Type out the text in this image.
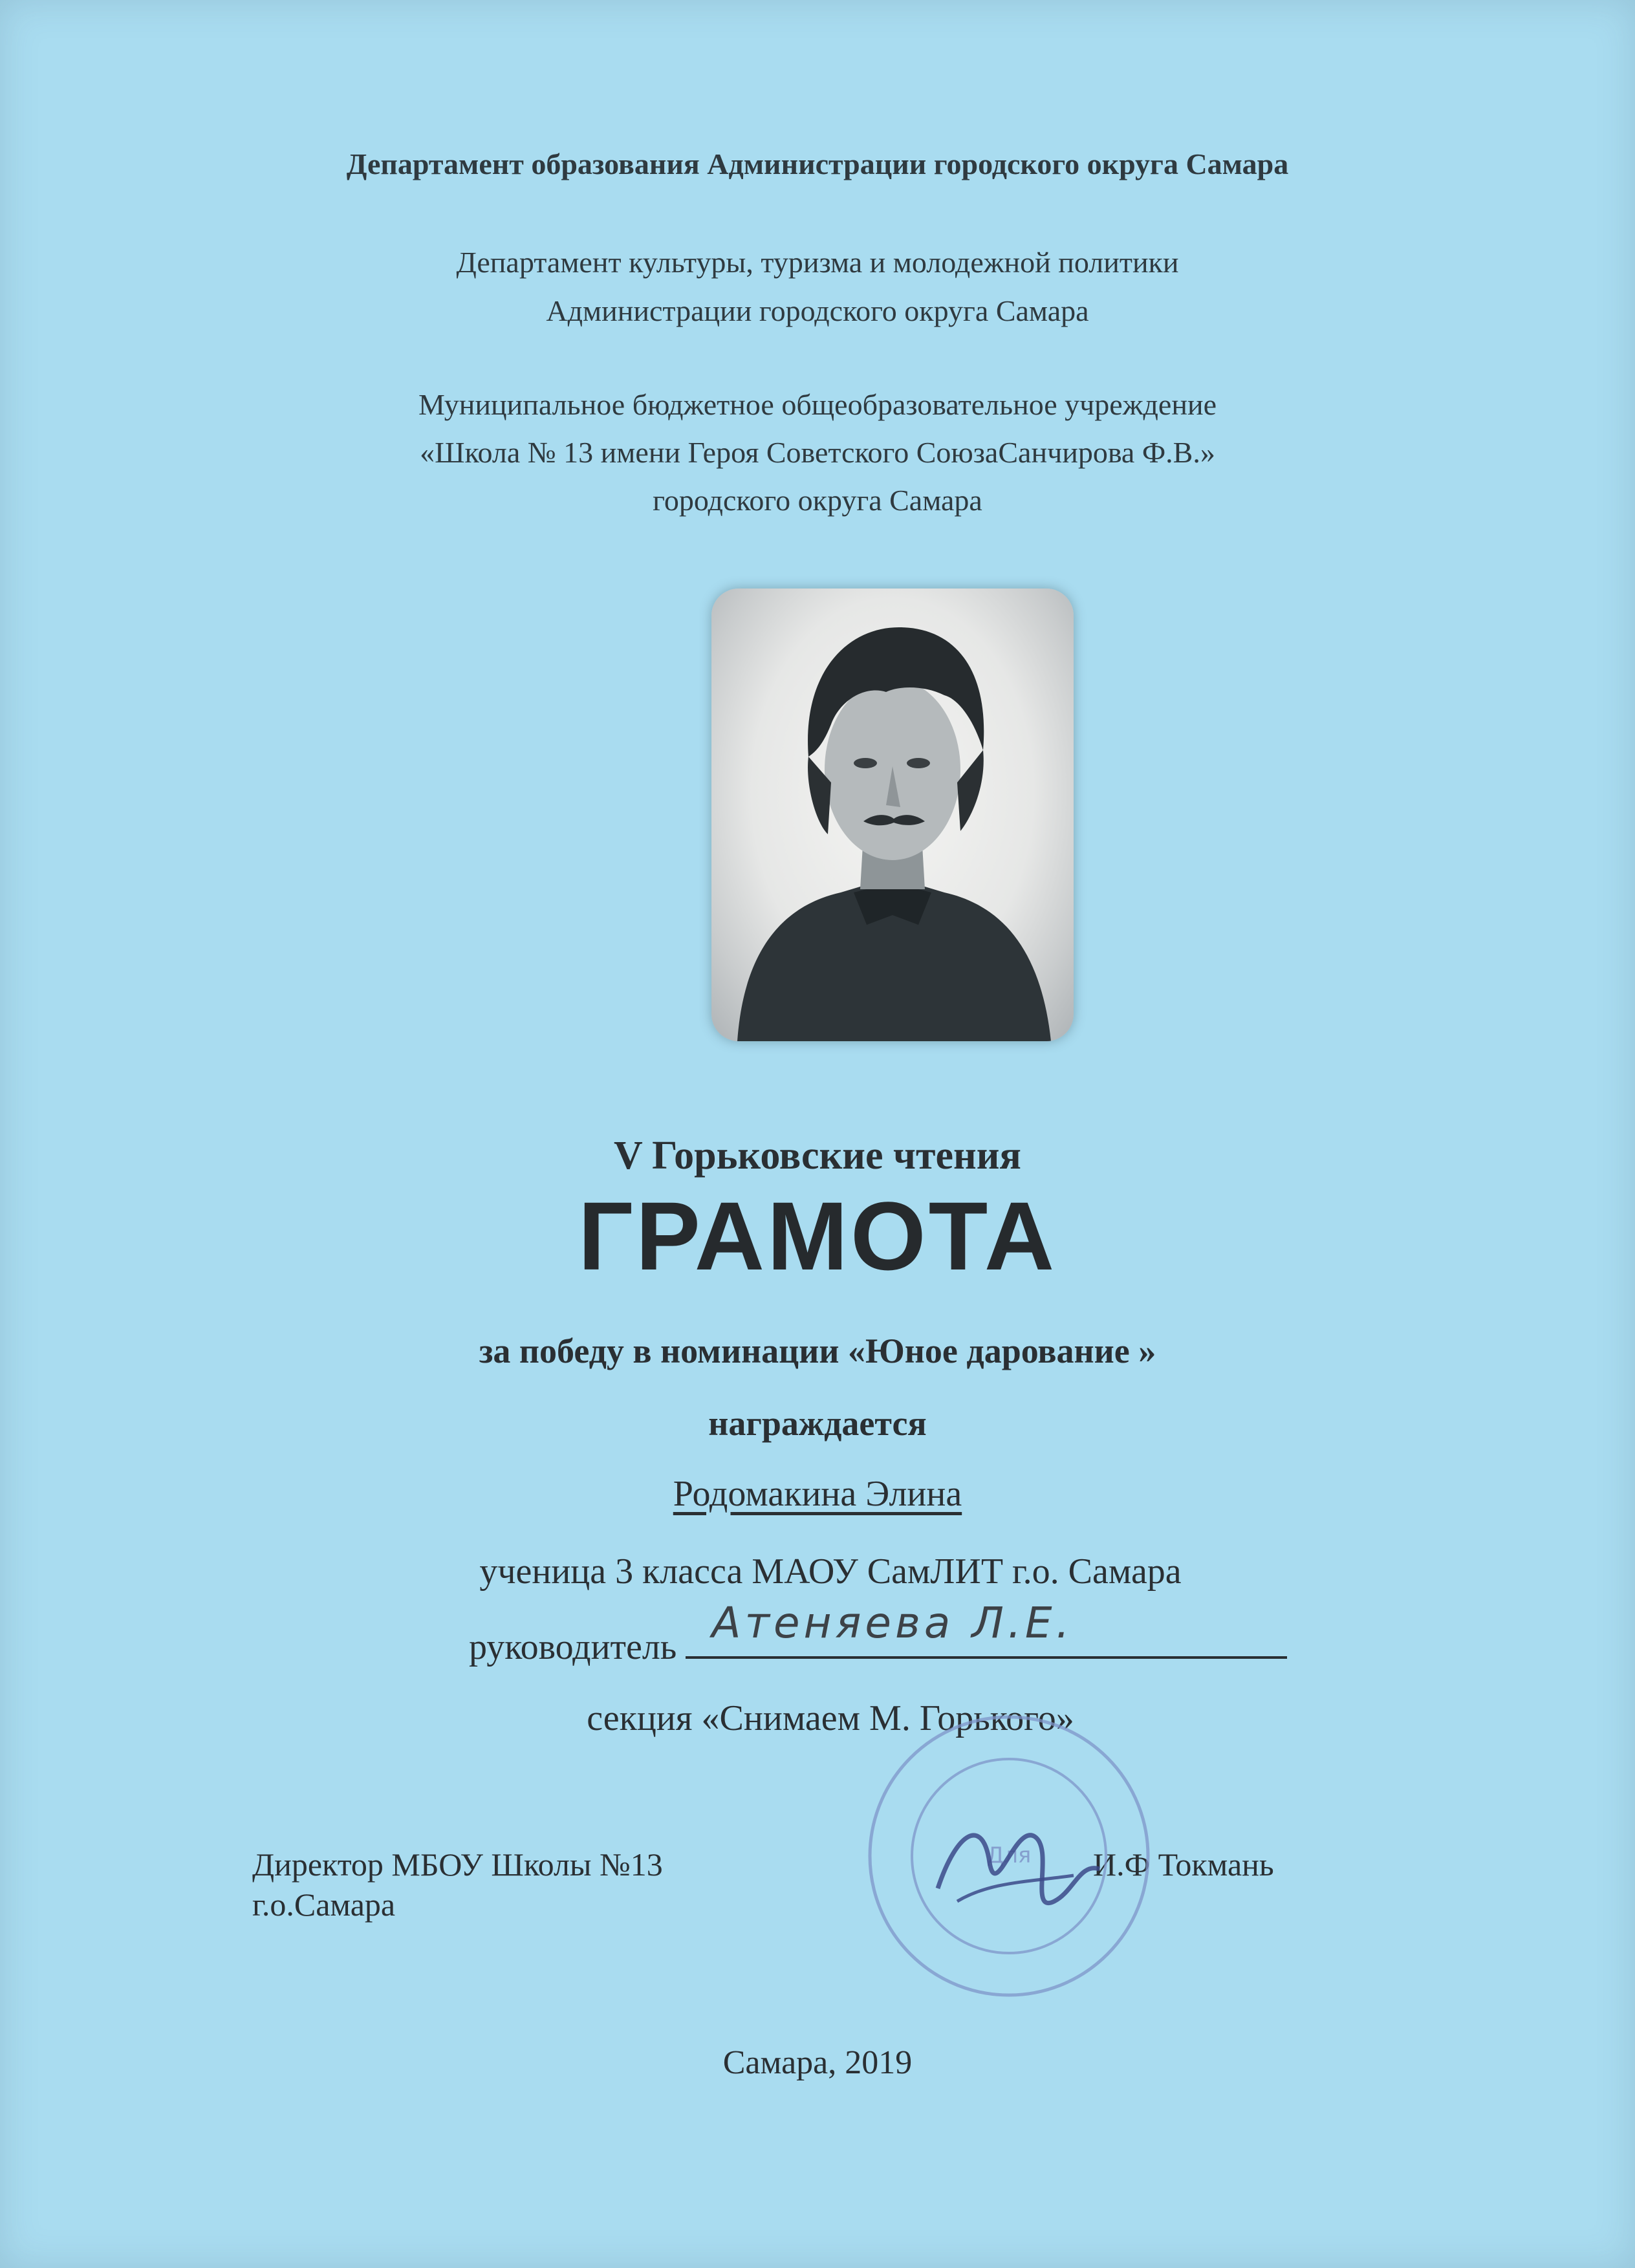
Департамент образования Администрации городского округа Самара
Департамент культуры, туризма и молодежной политики
Администрации городского округа Самара
Муниципальное бюджетное общеобразовательное учреждение
«Школа № 13 имени Героя Советского СоюзаСанчирова Ф.В.»
городского округа Самара
V Горьковские чтения
ГРАМОТА
за победу в номинации «Юное дарование »
награждается
Родомакина Элина
ученица 3 класса МАОУ СамЛИТ г.о. Самара
руководитель Атеняева Л.Е.
секция «Снимаем М. Горького»
Директор МБОУ Школы №13
г.о.Самара
И.Ф Токмань
Для
Самара, 2019
